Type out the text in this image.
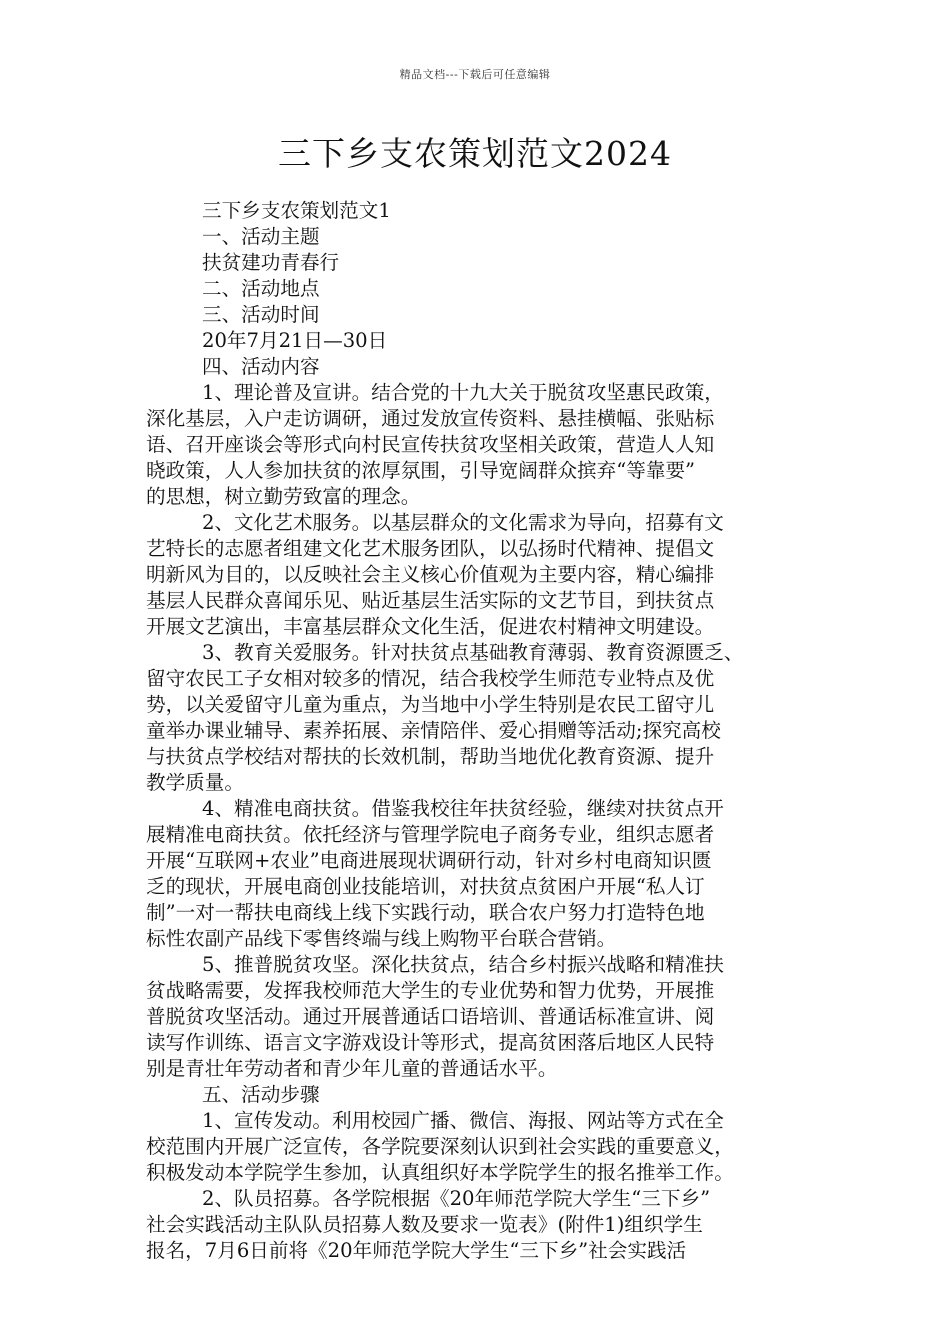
精品文档---下载后可任意编辑
三下乡支农策划范文2024
三下乡支农策划范文1
一、活动主题
扶贫建功青春行
二、活动地点
三、活动时间
20年7月21日—30日
四、活动内容
1、理论普及宣讲。结合党的十九大关于脱贫攻坚惠民政策，
深化基层，入户走访调研，通过发放宣传资料、悬挂横幅、张贴标
语、召开座谈会等形式向村民宣传扶贫攻坚相关政策，营造人人知
晓政策，人人参加扶贫的浓厚氛围，引导宽阔群众摈弃“等靠要”
的思想，树立勤劳致富的理念。
2、文化艺术服务。以基层群众的文化需求为导向，招募有文
艺特长的志愿者组建文化艺术服务团队，以弘扬时代精神、提倡文
明新风为目的，以反映社会主义核心价值观为主要内容，精心编排
基层人民群众喜闻乐见、贴近基层生活实际的文艺节目，到扶贫点
开展文艺演出，丰富基层群众文化生活，促进农村精神文明建设。
3、教育关爱服务。针对扶贫点基础教育薄弱、教育资源匮乏、
留守农民工子女相对较多的情况，结合我校学生师范专业特点及优
势，以关爱留守儿童为重点，为当地中小学生特别是农民工留守儿
童举办课业辅导、素养拓展、亲情陪伴、爱心捐赠等活动;探究高校
与扶贫点学校结对帮扶的长效机制，帮助当地优化教育资源、提升
教学质量。
4、精准电商扶贫。借鉴我校往年扶贫经验，继续对扶贫点开
展精准电商扶贫。依托经济与管理学院电子商务专业，组织志愿者
开展“互联网+农业”电商进展现状调研行动，针对乡村电商知识匮
乏的现状，开展电商创业技能培训，对扶贫点贫困户开展“私人订
制”一对一帮扶电商线上线下实践行动，联合农户努力打造特色地
标性农副产品线下零售终端与线上购物平台联合营销。
5、推普脱贫攻坚。深化扶贫点，结合乡村振兴战略和精准扶
贫战略需要，发挥我校师范大学生的专业优势和智力优势，开展推
普脱贫攻坚活动。通过开展普通话口语培训、普通话标准宣讲、阅
读写作训练、语言文字游戏设计等形式，提高贫困落后地区人民特
别是青壮年劳动者和青少年儿童的普通话水平。
五、活动步骤
1、宣传发动。利用校园广播、微信、海报、网站等方式在全
校范围内开展广泛宣传，各学院要深刻认识到社会实践的重要意义，
积极发动本学院学生参加，认真组织好本学院学生的报名推举工作。
2、队员招募。各学院根据《20年师范学院大学生“三下乡”
社会实践活动主队队员招募人数及要求一览表》(附件1)组织学生
报名，7月6日前将《20年师范学院大学生“三下乡”社会实践活
